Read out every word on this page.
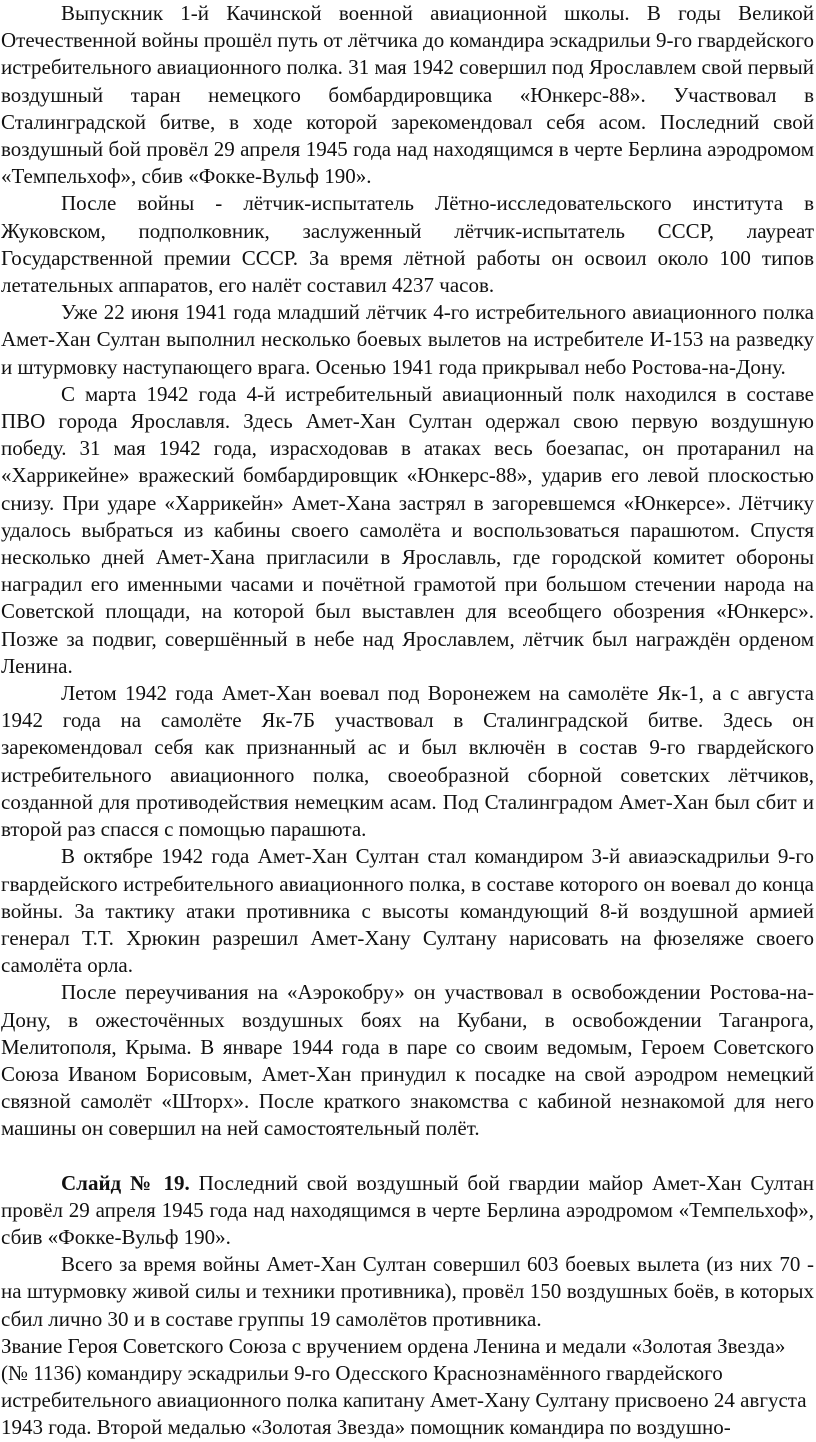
Выпускник 1-й Качинской военной авиационной школы. В годы Великой Отечественной войны прошёл путь от лётчика до командира эскадрильи 9-го гвардейского истребительного авиационного полка. 31 мая 1942 совершил под Ярославлем свой первый воздушный таран немецкого бомбардировщика «Юнкерс-88». Участвовал в Сталинградской битве, в ходе которой зарекомендовал себя асом. Последний свой воздушный бой провёл 29 апреля 1945 года над находящимся в черте Берлина аэродромом «Темпельхоф», сбив «Фокке-Вульф 190».

После войны - лётчик-испытатель Лётно-исследовательского института в Жуковском, подполковник, заслуженный лётчик-испытатель СССР, лауреат Государственной премии СССР. За время лётной работы он освоил около 100 типов летательных аппаратов, его налёт составил 4237 часов.

Уже 22 июня 1941 года младший лётчик 4-го истребительного авиационного полка Амет-Хан Султан выполнил несколько боевых вылетов на истребителе И-153 на разведку и штурмовку наступающего врага. Осенью 1941 года прикрывал небо Ростова-на-Дону.

С марта 1942 года 4-й истребительный авиационный полк находился в составе ПВО города Ярославля. Здесь Амет-Хан Султан одержал свою первую воздушную победу. 31 мая 1942 года, израсходовав в атаках весь боезапас, он протаранил на «Харрикейне» вражеский бомбардировщик «Юнкерс-88», ударив его левой плоскостью снизу. При ударе «Харрикейн» Амет-Хана застрял в загоревшемся «Юнкерсе». Лётчику удалось выбраться из кабины своего самолёта и воспользоваться парашютом. Спустя несколько дней Амет-Хана пригласили в Ярославль, где городской комитет обороны наградил его именными часами и почётной грамотой при большом стечении народа на Советской площади, на которой был выставлен для всеобщего обозрения «Юнкерс». Позже за подвиг, совершённый в небе над Ярославлем, лётчик был награждён орденом Ленина.

Летом 1942 года Амет-Хан воевал под Воронежем на самолёте Як-1, а с августа 1942 года на самолёте Як-7Б участвовал в Сталинградской битве. Здесь он зарекомендовал себя как признанный ас и был включён в состав 9-го гвардейского истребительного авиационного полка, своеобразной сборной советских лётчиков, созданной для противодействия немецким асам. Под Сталинградом Амет-Хан был сбит и второй раз спасся с помощью парашюта.

В октябре 1942 года Амет-Хан Султан стал командиром 3-й авиаэскадрильи 9-го гвардейского истребительного авиационного полка, в составе которого он воевал до конца войны. За тактику атаки противника с высоты командующий 8-й воздушной армией генерал Т.Т. Хрюкин разрешил Амет-Хану Султану нарисовать на фюзеляже своего самолёта орла.

После переучивания на «Аэрокобру» он участвовал в освобождении Ростова-на-Дону, в ожесточённых воздушных боях на Кубани, в освобождении Таганрога, Мелитополя, Крыма. В январе 1944 года в паре со своим ведомым, Героем Советского Союза Иваном Борисовым, Амет-Хан принудил к посадке на свой аэродром немецкий связной самолёт «Шторх». После краткого знакомства с кабиной незнакомой для него машины он совершил на ней самостоятельный полёт.

Слайд № 19. Последний свой воздушный бой гвардии майор Амет-Хан Султан провёл 29 апреля 1945 года над находящимся в черте Берлина аэродромом «Темпельхоф», сбив «Фокке-Вульф 190».

Всего за время войны Амет-Хан Султан совершил 603 боевых вылета (из них 70 - на штурмовку живой силы и техники противника), провёл 150 воздушных боёв, в которых сбил лично 30 и в составе группы 19 самолётов противника.

Звание Героя Советского Союза с вручением ордена Ленина и медали «Золотая Звезда» (№ 1136) командиру эскадрильи 9-го Одесского Краснознамённого гвардейского истребительного авиационного полка капитану Амет-Хану Султану присвоено 24 августа 1943 года. Второй медалью «Золотая Звезда» помощник командира по воздушно-
